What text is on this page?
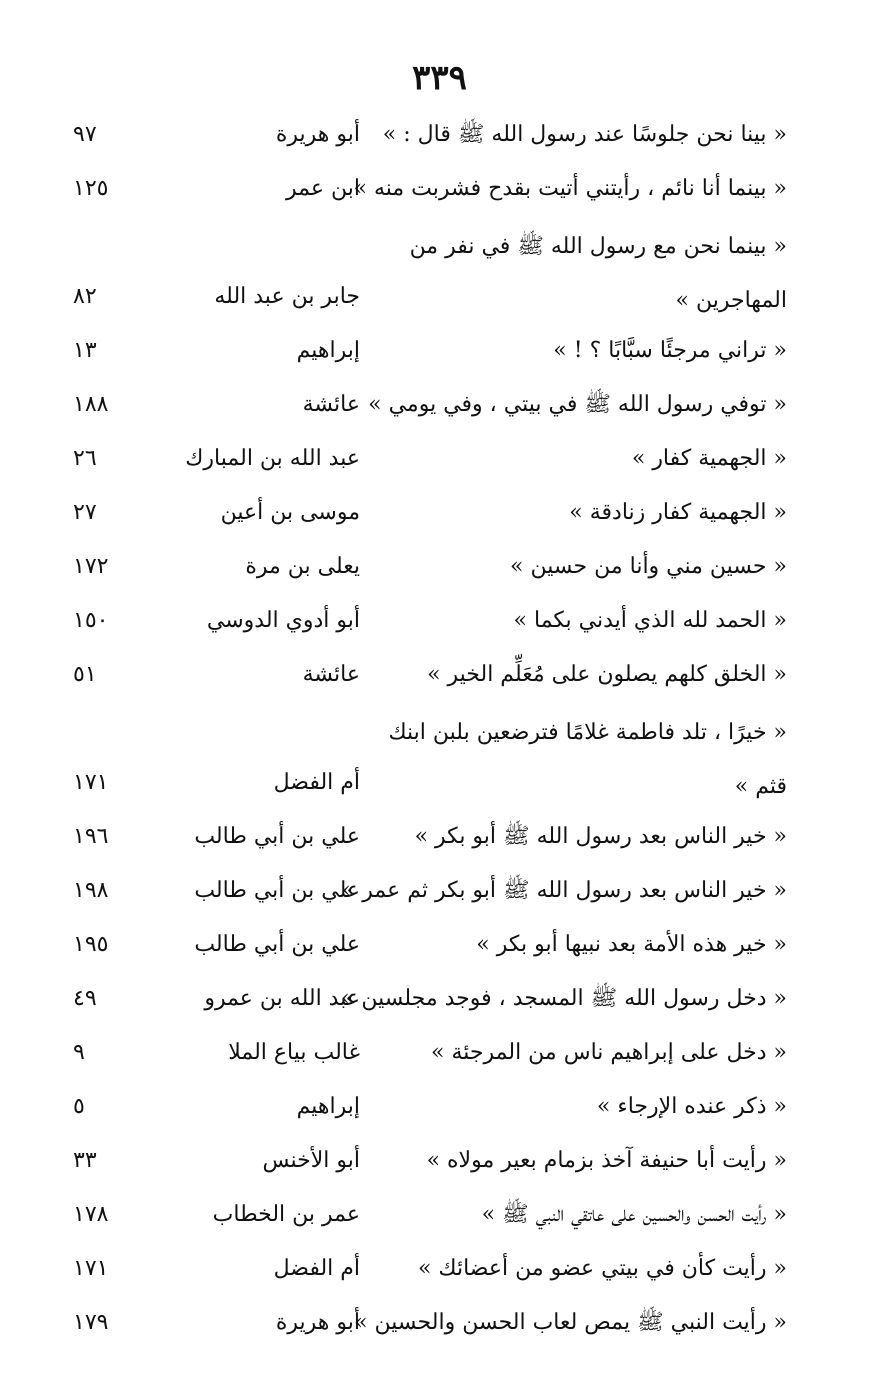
٣٣٩
« بينا نحن جلوسًا عند رسول الله ﷺ قال : »
أبو هريرة
٩٧
« بينما أنا نائم ، رأيتني أتيت بقدح فشربت منه »
ابن عمر
١٢٥
« بينما نحن مع رسول الله ﷺ في نفر من المهاجرين »
جابر بن عبد الله
٨٢
« تراني مرجئًا سبَّابًا ؟ ! »
إبراهيم
١٣
« توفي رسول الله ﷺ في بيتي ، وفي يومي »
عائشة
١٨٨
« الجهمية كفار »
عبد الله بن المبارك
٢٦
« الجهمية كفار زنادقة »
موسى بن أعين
٢٧
« حسين مني وأنا من حسين »
يعلى بن مرة
١٧٢
« الحمد لله الذي أيدني بكما »
أبو أدوي الدوسي
١٥٠
« الخلق كلهم يصلون على مُعَلِّم الخير »
عائشة
٥١
« خيرًا ، تلد فاطمة غلامًا فترضعين بلبن ابنك قثم »
أم الفضل
١٧١
« خير الناس بعد رسول الله ﷺ أبو بكر »
علي بن أبي طالب
١٩٦
« خير الناس بعد رسول الله ﷺ أبو بكر ثم عمر »
علي بن أبي طالب
١٩٨
« خير هذه الأمة بعد نبيها أبو بكر »
علي بن أبي طالب
١٩٥
« دخل رسول الله ﷺ المسجد ، فوجد مجلسين »
عبد الله بن عمرو
٤٩
« دخل على إبراهيم ناس من المرجئة »
غالب بياع الملا
٩
« ذكر عنده الإرجاء »
إبراهيم
٥
« رأيت أبا حنيفة آخذ بزمام بعير مولاه »
أبو الأخنس
٣٣
« رأيت الحسن والحسين على عاتقي النبي ﷺ »
عمر بن الخطاب
١٧٨
« رأيت كأن في بيتي عضو من أعضائك »
أم الفضل
١٧١
« رأيت النبي ﷺ يمص لعاب الحسن والحسين »
أبو هريرة
١٧٩
